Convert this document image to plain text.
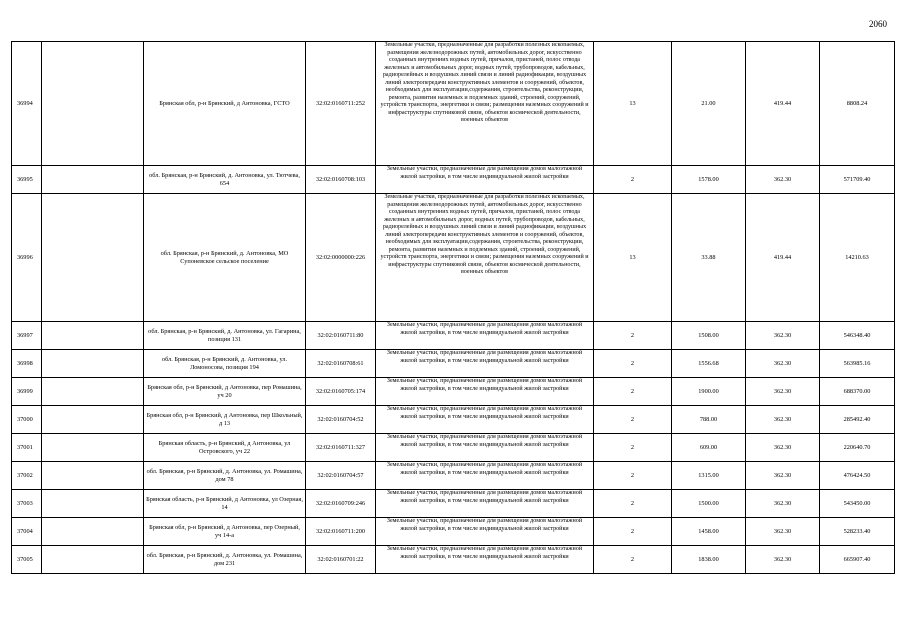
2060
36994		Брянская обл, р-н Брянский, д Антоновка, ГСТО	32:02:0160711:252	Земельные участки, предназначенные для разработки полезных ископаемых, размещения железнодорожных путей, автомобильных дорог, искусственно созданных внутренних водных путей, причалов, пристаней, полос отвода железных и автомобильных дорог, водных путей, трубопроводов, кабельных, радиорелейных и воздушных линий связи и линий радиофикации, воздушных линий электропередачи конструктивных элементов и сооружений, объектов, необходимых для эксплуатации,содержания, строительства, реконструкции, ремонта, развития наземных и подземных зданий, строений, сооружений, устройств транспорта, энергетики и связи; размещения наземных сооружений и инфраструктуры спутниковой связи, объектов космической деятельности, военных объектов	13	21.00	419.44	8808.24
36995		обл. Брянская, р-н Брянский, д. Антоновка, ул. Тютчева, 654	32:02:0160708:103	Земельные участки, предназначенные для размещения домов малоэтажной жилой застройки, в том числе индивидуальной жилой застройки	2	1578.00	362.30	571709.40
36996		обл. Брянская, р-н Брянский, д. Антоновка, МО Супоневское сельское поселение	32:02:0000000:226	Земельные участки, предназначенные для разработки полезных ископаемых, размещения железнодорожных путей, автомобильных дорог, искусственно созданных внутренних водных путей, причалов, пристаней, полос отвода железных и автомобильных дорог, водных путей, трубопроводов, кабельных, радиорелейных и воздушных линий связи и линий радиофикации, воздушных линий электропередачи конструктивных элементов и сооружений, объектов, необходимых для эксплуатации,содержания, строительства, реконструкции, ремонта, развития наземных и подземных зданий, строений, сооружений, устройств транспорта, энергетики и связи; размещения наземных сооружений и инфраструктуры спутниковой связи, объектов космической деятельности, военных объектов	13	33.88	419.44	14210.63
36997		обл. Брянская, р-н Брянский, д. Антоновка, ул. Гагарина, позиция 131	32:02:0160711:80	Земельные участки, предназначенные для размещения домов малоэтажной жилой застройки, в том числе индивидуальной жилой застройки	2	1508.00	362.30	546348.40
36998		обл. Брянская, р-н Брянский, д. Антоновка, ул. Ломоносова, позиция 194	32:02:0160708:61	Земельные участки, предназначенные для размещения домов малоэтажной жилой застройки, в том числе индивидуальной жилой застройки	2	1556.68	362.30	563985.16
36999		Брянская обл, р-н Брянский, д Антоновка, пер Ромашина, уч 20	32:02:0160705:174	Земельные участки, предназначенные для размещения домов малоэтажной жилой застройки, в том числе индивидуальной жилой застройки	2	1900.00	362.30	688370.00
37000		Брянская обл, р-н Брянский, д Антоновка, пер Школьный, д 13	32:02:0160704:52	Земельные участки, предназначенные для размещения домов малоэтажной жилой застройки, в том числе индивидуальной жилой застройки	2	788.00	362.30	285492.40
37001		Брянская область, р-н Брянский, д Антоновка, ул Островского, уч 22	32:02:0160711:327	Земельные участки, предназначенные для размещения домов малоэтажной жилой застройки, в том числе индивидуальной жилой застройки	2	609.00	362.30	220640.70
37002		обл. Брянская, р-н Брянский, д. Антоновка, ул. Ромашина, дом 78	32:02:0160704:57	Земельные участки, предназначенные для размещения домов малоэтажной жилой застройки, в том числе индивидуальной жилой застройки	2	1315.00	362.30	476424.50
37003		Брянская область, р-н Брянский, д Антоновка, ул Озерная, 14	32:02:0160709:246	Земельные участки, предназначенные для размещения домов малоэтажной жилой застройки, в том числе индивидуальной жилой застройки	2	1500.00	362.30	543450.00
37004		Брянская обл, р-н Брянский, д Антоновка, пер Озерный, уч 14-а	32:02:0160711:200	Земельные участки, предназначенные для размещения домов малоэтажной жилой застройки, в том числе индивидуальной жилой застройки	2	1458.00	362.30	528233.40
37005		обл. Брянская, р-н Брянский, д. Антоновка, ул. Ромашина, дом 231	32:02:0160701:22	Земельные участки, предназначенные для размещения домов малоэтажной жилой застройки, в том числе индивидуальной жилой застройки	2	1838.00	362.30	665907.40
